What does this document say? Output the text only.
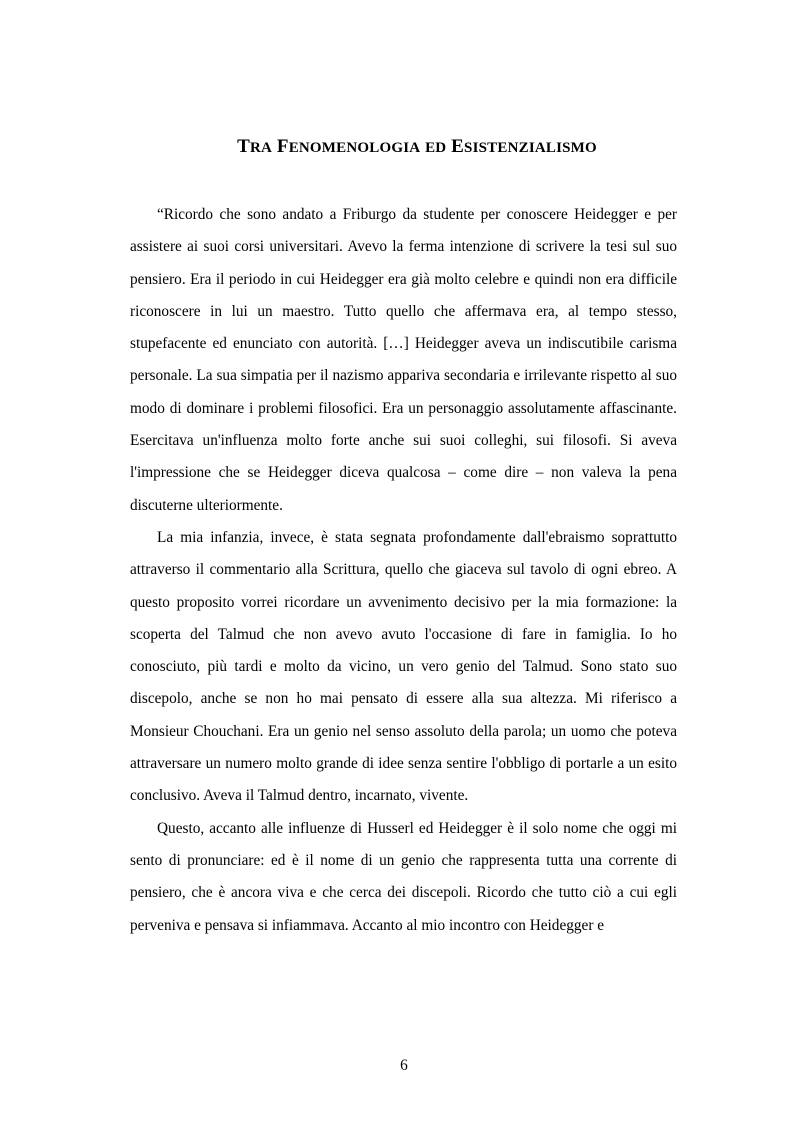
TRA FENOMENOLOGIA ED ESISTENZIALISMO

“Ricordo che sono andato a Friburgo da studente per conoscere Heidegger e per assistere ai suoi corsi universitari. Avevo la ferma intenzione di scrivere la tesi sul suo pensiero. Era il periodo in cui Heidegger era già molto celebre e quindi non era difficile riconoscere in lui un maestro. Tutto quello che affermava era, al tempo stesso, stupefacente ed enunciato con autorità. […] Heidegger aveva un indiscutibile carisma personale. La sua simpatia per il nazismo appariva secondaria e irrilevante rispetto al suo modo di dominare i problemi filosofici. Era un personaggio assolutamente affascinante. Esercitava un'influenza molto forte anche sui suoi colleghi, sui filosofi. Si aveva l'impressione che se Heidegger diceva qualcosa – come dire – non valeva la pena discuterne ulteriormente.

La mia infanzia, invece, è stata segnata profondamente dall'ebraismo soprattutto attraverso il commentario alla Scrittura, quello che giaceva sul tavolo di ogni ebreo. A questo proposito vorrei ricordare un avvenimento decisivo per la mia formazione: la scoperta del Talmud che non avevo avuto l'occasione di fare in famiglia. Io ho conosciuto, più tardi e molto da vicino, un vero genio del Talmud. Sono stato suo discepolo, anche se non ho mai pensato di essere alla sua altezza. Mi riferisco a Monsieur Chouchani. Era un genio nel senso assoluto della parola; un uomo che poteva attraversare un numero molto grande di idee senza sentire l'obbligo di portarle a un esito conclusivo. Aveva il Talmud dentro, incarnato, vivente.

Questo, accanto alle influenze di Husserl ed Heidegger è il solo nome che oggi mi sento di pronunciare: ed è il nome di un genio che rappresenta tutta una corrente di pensiero, che è ancora viva e che cerca dei discepoli. Ricordo che tutto ciò a cui egli perveniva e pensava si infiammava. Accanto al mio incontro con Heidegger e

6
